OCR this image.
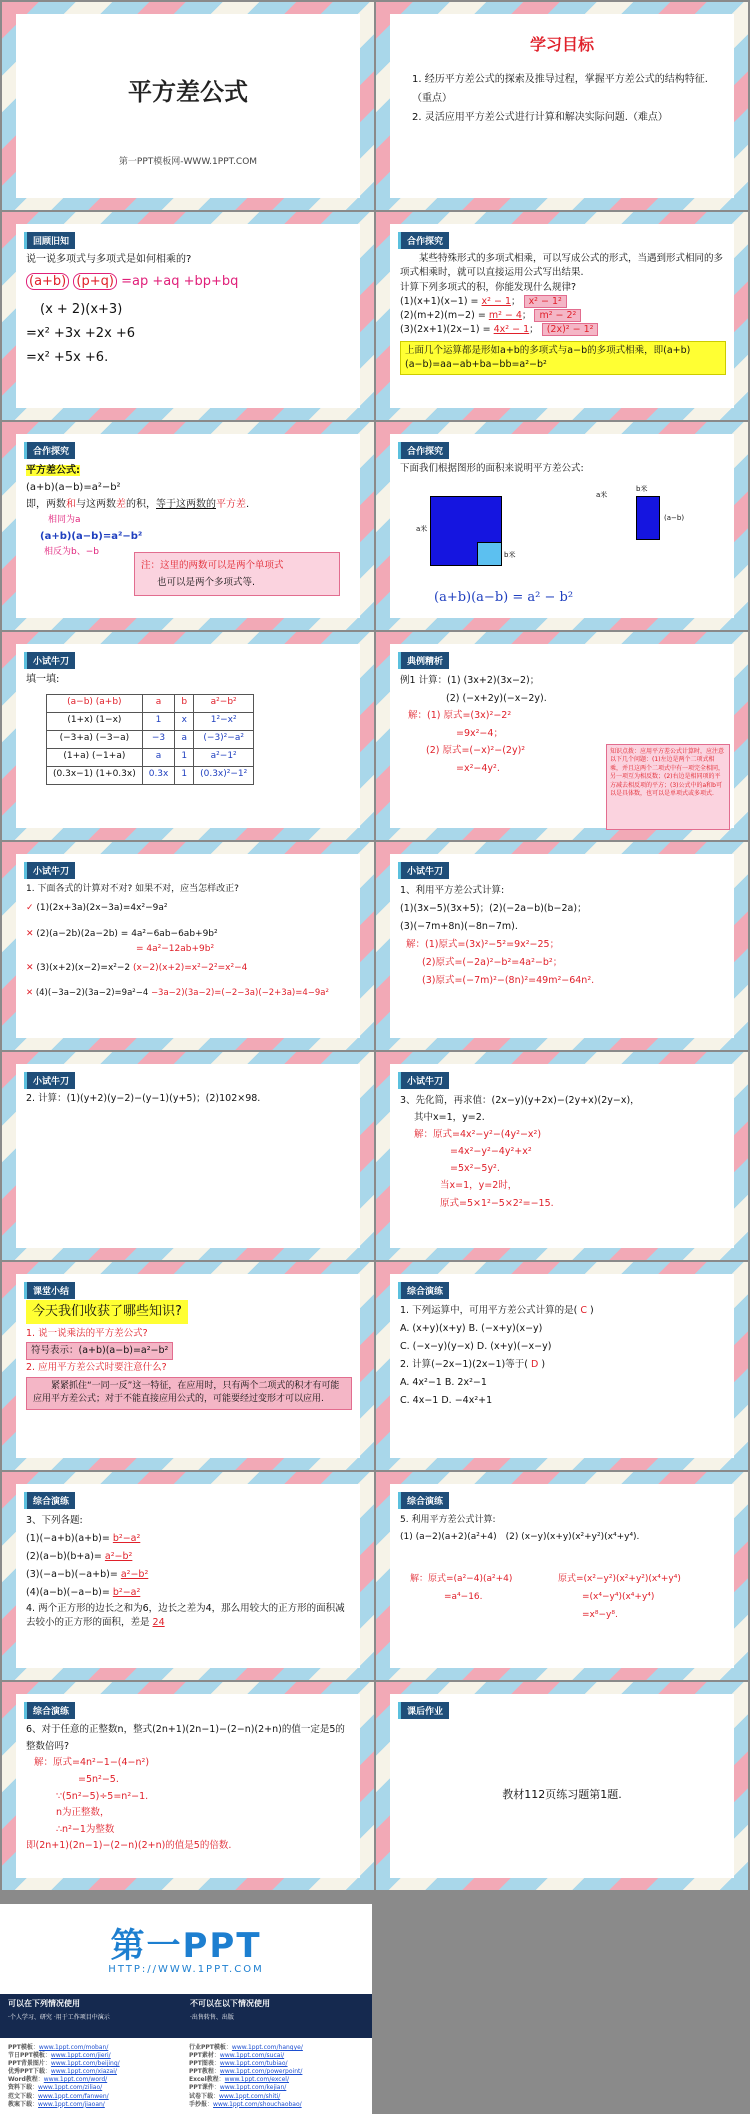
平方差公式
第一PPT模板网-WWW.1PPT.COM
学习目标
1. 经历平方差公式的探索及推导过程，掌握平方差公式的结构特征.（重点）
2. 灵活应用平方差公式进行计算和解决实际问题.（难点）
回顾旧知
说一说多项式与多项式是如何相乘的?
(a+b) (p+q) =ap +aq +bp+bq
(x + 2)(x+3)
=x² +3x +2x +6
=x² +5x +6.
合作探究
某些特殊形式的多项式相乘，可以写成公式的形式，当遇到形式相同的多项式相乘时，就可以直接运用公式写出结果.
计算下列多项式的积，你能发现什么规律?
(1)(x+1)(x−1) = x² − 1； x² − 1²
(2)(m+2)(m−2) = m² − 4； m² − 2²
(3)(2x+1)(2x−1) = 4x² − 1； (2x)² − 1²
上面几个运算都是形如a+b的多项式与a−b的多项式相乘，即(a+b)(a−b)=aa−ab+ba−bb=a²−b²
合作探究
平方差公式:
(a+b)(a−b)=a²−b²
即，两数和与这两数差的积，等于这两数的平方差.
相同为a
(a+b)(a−b)=a²−b²
相反为b、−b
注：这里的两数可以是两个单项式
也可以是两个多项式等.
合作探究
下面我们根据图形的面积来说明平方差公式:
a米
b米
a米
b米
(a−b)
(a+b)(a−b) = a² − b²
小试牛刀
填一填:
(a−b) (a+b)	a	b	a²−b²
(1+x) (1−x)	1	x	1²−x²
(−3+a) (−3−a)	−3	a	(−3)²−a²
(1+a) (−1+a)	a	1	a²−1²
(0.3x−1) (1+0.3x)	0.3x	1	(0.3x)²−1²
典例精析
例1 计算：(1) (3x+2)(3x−2)；
(2) (−x+2y)(−x−2y).
解：(1) 原式=(3x)²−2²
=9x²−4；
(2) 原式=(−x)²−(2y)²
=x²−4y².
知识点拨：应用平方差公式计算时，应注意以下几个问题：(1)左边是两个二项式相乘，并且这两个二项式中有一项完全相同，另一项互为相反数；(2)右边是相同项的平方减去相反项的平方；(3)公式中的a和b可以是具体数，也可以是单项式或多项式.
小试牛刀
1. 下面各式的计算对不对? 如果不对，应当怎样改正?
✓ (1)(2x+3a)(2x−3a)=4x²−9a²
✕ (2)(a−2b)(2a−2b) = 4a²−6ab−6ab+9b²
= 4a²−12ab+9b²
✕ (3)(x+2)(x−2)=x²−2 (x−2)(x+2)=x²−2²=x²−4
✕ (4)(−3a−2)(3a−2)=9a²−4 −3a−2)(3a−2)=(−2−3a)(−2+3a)=4−9a²
小试牛刀
1、利用平方差公式计算:
(1)(3x−5)(3x+5)；(2)(−2a−b)(b−2a)；
(3)(−7m+8n)(−8n−7m).
解：(1)原式=(3x)²−5²=9x²−25；
(2)原式=(−2a)²−b²=4a²−b²；
(3)原式=(−7m)²−(8n)²=49m²−64n².
小试牛刀
2. 计算：(1)(y+2)(y−2)−(y−1)(y+5)；(2)102×98.
小试牛刀
3、先化简，再求值：(2x−y)(y+2x)−(2y+x)(2y−x)，
其中x=1，y=2.
解：原式=4x²−y²−(4y²−x²)
=4x²−y²−4y²+x²
=5x²−5y².
当x=1，y=2时，
原式=5×1²−5×2²=−15.
课堂小结
今天我们收获了哪些知识?
1. 说一说乘法的平方差公式?
符号表示：(a+b)(a−b)=a²−b²
2. 应用平方差公式时要注意什么?
紧紧抓住“一同一反”这一特征，在应用时，只有两个二项式的积才有可能应用平方差公式；对于不能直接应用公式的，可能要经过变形才可以应用.
综合演练
1. 下列运算中，可用平方差公式计算的是( C )
A. (x+y)(x+y) B. (−x+y)(x−y)
C. (−x−y)(y−x) D. (x+y)(−x−y)
2. 计算(−2x−1)(2x−1)等于( D )
A. 4x²−1 B. 2x²−1
C. 4x−1 D. −4x²+1
综合演练
3、下列各题:
(1)(−a+b)(a+b)= b²−a²
(2)(a−b)(b+a)= a²−b²
(3)(−a−b)(−a+b)= a²−b²
(4)(a−b)(−a−b)= b²−a²
4. 两个正方形的边长之和为6，边长之差为4，那么用较大的正方形的面积减去较小的正方形的面积，差是 24
综合演练
5. 利用平方差公式计算:
(1) (a−2)(a+2)(a²+4)　 (2) (x−y)(x+y)(x²+y²)(x⁴+y⁴).
解：原式=(a²−4)(a²+4)
=a⁴−16.
原式=(x²−y²)(x²+y²)(x⁴+y⁴)
=(x⁴−y⁴)(x⁴+y⁴)
=x⁸−y⁸.
综合演练
6、对于任意的正整数n，整式(2n+1)(2n−1)−(2−n)(2+n)的值一定是5的整数倍吗?
解：原式=4n²−1−(4−n²)
=5n²−5.
∵(5n²−5)÷5=n²−1.
n为正整数，
∴n²−1为整数
即(2n+1)(2n−1)−(2−n)(2+n)的值是5的倍数.
课后作业
教材112页练习题第1题.
第一PPT
HTTP://WWW.1PPT.COM
可以在下列情况使用
·个人学习、研究 ·用于工作项目中演示
不可以在以下情况使用
·出售转售、出版
PPT模板：www.1ppt.com/moban/
节日PPT模板：www.1ppt.com/jieri/
PPT背景图片：www.1ppt.com/beijing/
优秀PPT下载：www.1ppt.com/xiazai/
Word教程：www.1ppt.com/word/
资料下载：www.1ppt.com/ziliao/
范文下载：www.1ppt.com/fanwen/
教案下载：www.1ppt.com/jiaoan/
行业PPT模板：www.1ppt.com/hangye/
PPT素材：www.1ppt.com/sucai/
PPT图表：www.1ppt.com/tubiao/
PPT教程：www.1ppt.com/powerpoint/
Excel教程：www.1ppt.com/excel/
PPT课件：www.1ppt.com/kejian/
试卷下载：www.1ppt.com/shiti/
手抄报：www.1ppt.com/shouchaobao/
